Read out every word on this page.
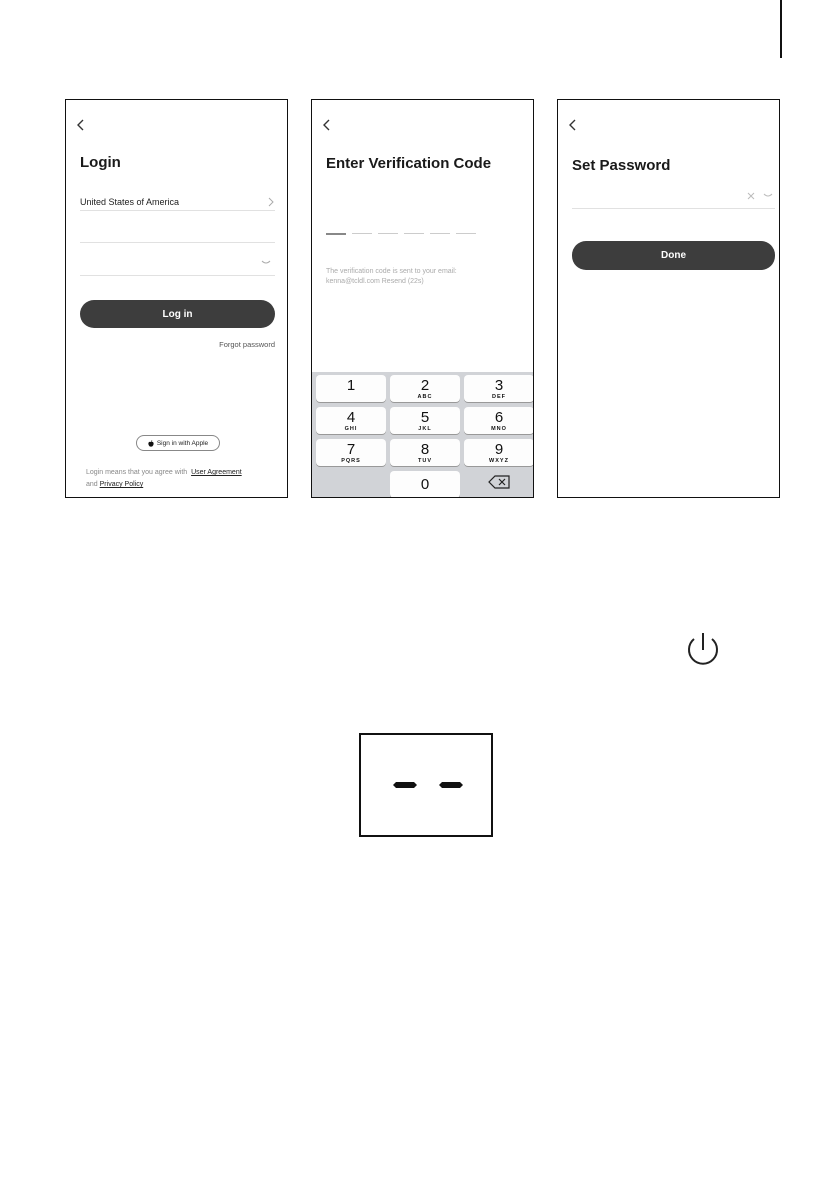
Login
United States of America
Log in
Forgot password
Sign in with Apple
Login means that you agree with User Agreement
and Privacy Policy
Enter Verification Code
The verification code is sent to your email:
kenna@tcldl.com Resend (22s)
1	2
ABC
3
DEF
4
GHI
5
JKL
6
MNO
7
PQRS
8
TUV
9
WXYZ
0
Set Password
Done
